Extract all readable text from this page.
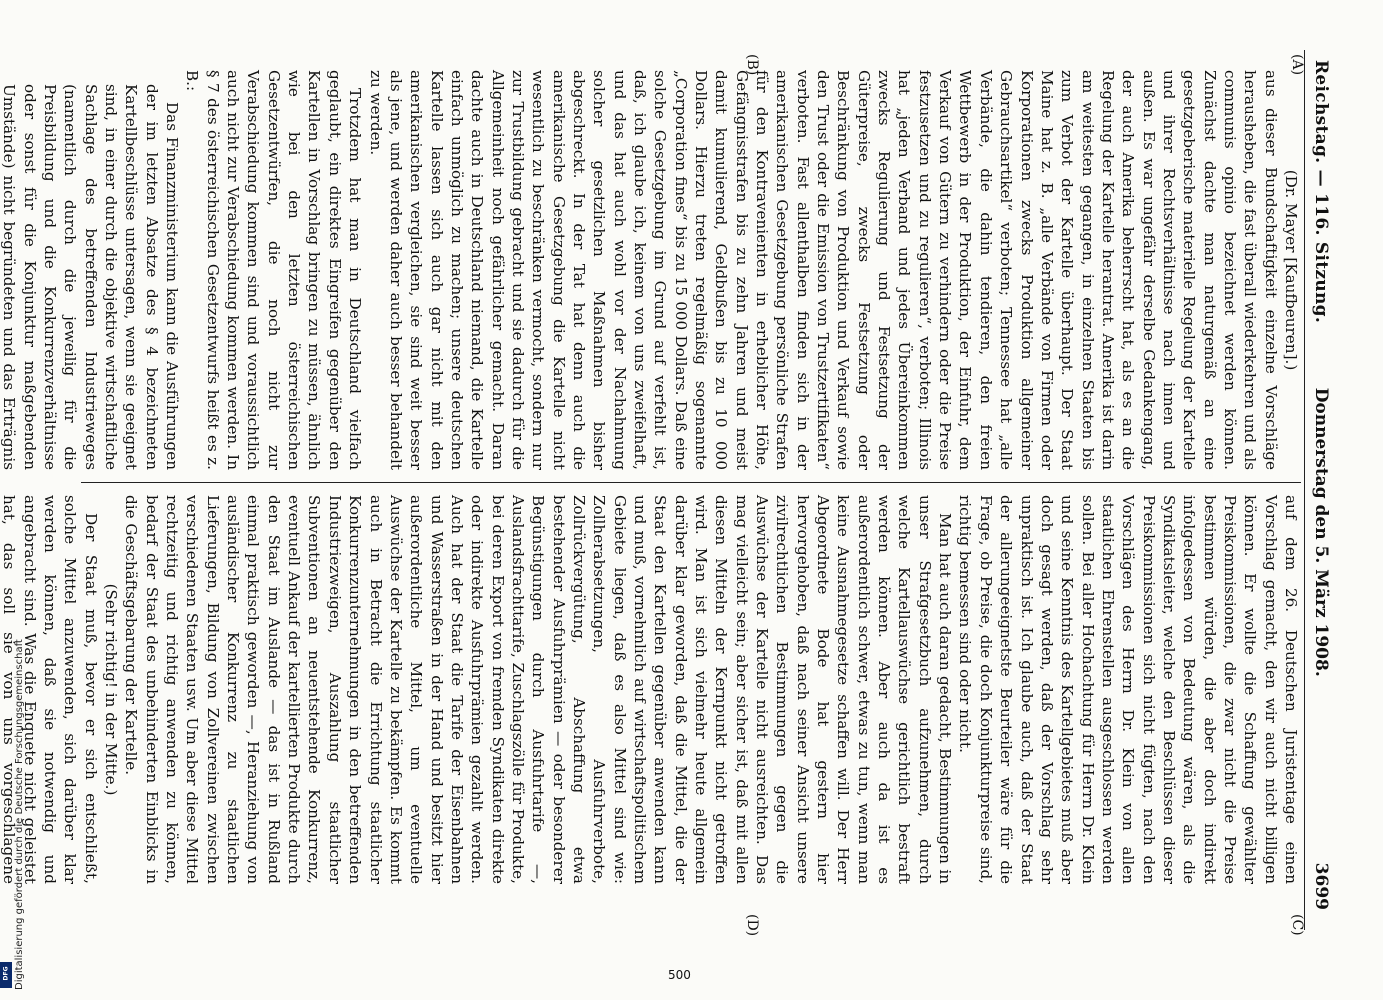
Reichstag. — 116. Sitzung.
Donnerstag den 5. März 1908. 3699
(A)
(B)
(C)
(D)

(Dr. Mayer [Kaufbeuren].)

aus dieser Bundschaftigkeit einzelne Vorschläge herausheben, die fast überall wiederkehren und als communis opinio bezeichnet werden können. Zunächst dachte man naturgemäß an eine gesetzgeberische materielle Regelung der Kartelle und ihrer Rechtsverhältnisse nach innen und außen. Es war ungefähr derselbe Gedankengang, der auch Amerika beherrscht hat, als es an die Regelung der Kartelle herantrat. Amerika ist darin am weitesten gegangen, in einzelnen Staaten bis zum Verbot der Kartelle überhaupt. Der Staat Maine hat z. B. „alle Verbände von Firmen oder Korporationen zwecks Produktion allgemeiner Gebrauchsartikel“ verboten; Tennessee hat „alle Verbände, die dahin tendieren, den freien Wettbewerb in der Produktion, der Einfuhr, dem Verkauf von Gütern zu verhindern oder die Preise festzusetzen und zu regulieren“, verboten; Illinois hat „jeden Verband und jedes Übereinkommen zwecks Regulierung und Festsetzung der Güterpreise, zwecks Festsetzung oder Beschränkung von Produktion und Verkauf sowie den Trust oder die Emission von Trustzertifikaten“ verboten. Fast allenthalben finden sich in der amerikanischen Gesetzgebung persönliche Strafen für den Kontravenienten in erheblicher Höhe, Gefängnisstrafen bis zu zehn Jahren und meist damit kumulierend, Geldbußen bis zu 10 000 Dollars. Hierzu treten regelmäßig sogenannte „Corporation fines“ bis zu 15 000 Dollars. Daß eine solche Gesetzgebung im Grund auf verfehlt ist, daß, ich glaube ich, keinem von uns zweifelhaft, und das hat auch wohl vor der Nachahmung solcher gesetzlichen Maßnahmen bisher abgeschreckt. In der Tat hat denn auch die amerikanische Gesetzgebung die Kartelle nicht wesentlich zu beschränken vermocht, sondern nur zur Trustbildung gebracht und sie dadurch für die Allgemeinheit noch gefährlicher gemacht. Daran dachte auch in Deutschland niemand, die Kartelle einfach unmöglich zu machen; unsere deutschen Kartelle lassen sich auch gar nicht mit den amerikanischen vergleichen, sie sind weit besser als jene, und werden daher auch besser behandelt zu werden.

Trotzdem hat man in Deutschland vielfach geglaubt, ein direktes Eingreifen gegenüber den Kartellen in Vorschlag bringen zu müssen, ähnlich wie bei den letzten österreichischen Gesetzentwürfen, die noch nicht zur Verabschiedung kommen sind und voraussichtlich auch nicht zur Verabschiedung kommen werden. In § 7 des österreichischen Gesetzentwurfs heißt es z. B.:

Das Finanzministerium kann die Ausführungen der im letzten Absatze des § 4 bezeichneten Kartellbeschlüsse untersagen, wenn sie geeignet sind, in einer durch die objektive wirtschaftliche Sachlage des betreffenden Industrieweges (namentlich durch die jeweilig für die Preisbildung und die Konkurrenzverhältnisse oder sonst für die Konjunktur maßgebenden Umstände) nicht begründeten und das Erträgnis

auf dem 26. Deutschen Juristentage einen Vorschlag gemacht, den wir auch nicht billigen können. Er wollte die Schaffung gewählter Preiskommissionen, die zwar nicht die Preise bestimmen würden, die aber doch indirekt infolgedessen von Bedeutung wären, als die Syndikatsleiter, welche den Beschlüssen dieser Preiskommissionen sich nicht fügten, nach den Vorschlägen des Herrn Dr. Klein von allen staatlichen Ehrenstellen ausgeschlossen werden sollen. Bei aller Hochachtung für Herrn Dr. Klein und seine Kenntnis des Kartellgebietes muß aber doch gesagt werden, daß der Vorschlag sehr unpraktisch ist. Ich glaube auch, daß der Staat der allerungeeignetste Beurteiler wäre für die Frage, ob Preise, die doch Konjunkturpreise sind, richtig bemessen sind oder nicht.

Man hat auch daran gedacht, Bestimmungen in unser Strafgesetzbuch aufzunehmen, durch welche Kartellauswüchse gerichtlich bestraft werden können. Aber auch da ist es außerordentlich schwer, etwas zu tun, wenn man keine Ausnahmegesetze schaffen will. Der Herr Abgeordnete Bode hat gestern hier hervorgehoben, daß nach seiner Ansicht unsere zivilrechtlichen Bestimmungen gegen die Auswüchse der Kartelle nicht ausreichten. Das mag vielleicht sein; aber sicher ist, daß mit allen diesen Mitteln der Kernpunkt nicht getroffen wird. Man ist sich vielmehr heute allgemein darüber klar geworden, daß die Mittel, die der Staat den Kartellen gegenüber anwenden kann und muß, vornehmlich auf wirtschaftspolitischem Gebiete liegen, daß es also Mittel sind wie: Zollherabsetzungen, Ausfuhrverbote, Zollrückvergütung, Abschaffung etwa bestehender Ausfuhrprämien — oder besonderer Begünstigungen durch Ausfuhrtarife —, Auslandsfrachttarife, Zuschlagszölle für Produkte, bei deren Export von fremden Syndikaten direkte oder indirekte Ausfuhrprämien gezahlt werden. Auch hat der Staat die Tarife der Eisenbahnen und Wasserstraßen in der Hand und besitzt hier außerordentliche Mittel, um eventuelle Auswüchse der Kartelle zu bekämpfen. Es kommt auch in Betracht die Errichtung staatlicher Konkurrenzunternehmungen in den betreffenden Industriezweigen, Auszahlung staatlicher Subventionen an neuentstehende Konkurrenz, eventuell Ankauf der kartellierten Produkte durch den Staat im Auslande — das ist in Rußland einmal praktisch geworden —, Heranziehung von ausländischer Konkurrenz zu staatlichen Lieferungen, Bildung von Zollvereinen zwischen verschiedenen Staaten usw. Um aber diese Mittel rechtzeitig und richtig anwenden zu können, bedarf der Staat des unbehinderten Einblicks in die Geschäftsgebarung der Kartelle.

(Sehr richtig! in der Mitte.)

Der Staat muß, bevor er sich entschließt, solche Mittel anzuwenden, sich darüber klar werden können, daß sie notwendig und angebracht sind. Was die Enquete nicht geleistet hat, das soll sie von uns vorgeschlagene

500
Digitalisierung gefördert durch die Deutsche Forschungsgemeinschaft
DFG
